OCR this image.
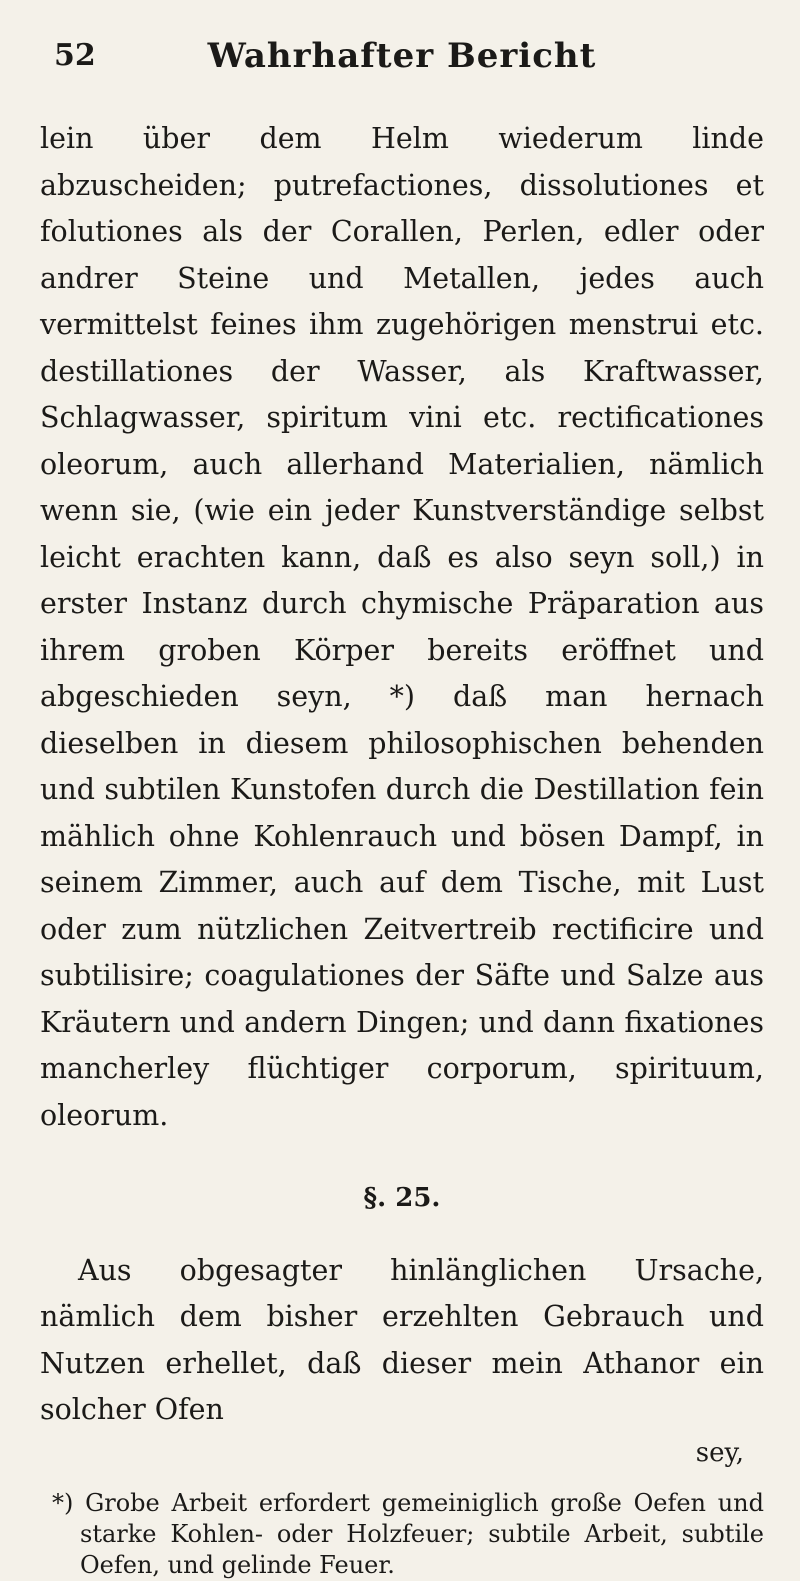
52	Wahrhafter Bericht

lein über dem Helm wiederum linde abzuscheiden; putrefactiones, dissolutiones et folutiones als der Corallen, Perlen, edler oder andrer Steine und Metallen, jedes auch vermittelst feines ihm zugehörigen menstrui etc. destillationes der Wasser, als Kraftwasser, Schlagwasser, spiritum vini etc. rectificationes oleorum, auch allerhand Materialien, nämlich wenn sie, (wie ein jeder Kunstverständige selbst leicht erachten kann, daß es also seyn soll,) in erster Instanz durch chymische Präparation aus ihrem groben Körper bereits eröffnet und abgeschieden seyn, *) daß man hernach dieselben in diesem philosophischen behenden und subtilen Kunstofen durch die Destillation fein mählich ohne Kohlenrauch und bösen Dampf, in seinem Zimmer, auch auf dem Tische, mit Lust oder zum nützlichen Zeitvertreib rectificire und subtilisire; coagulationes der Säfte und Salze aus Kräutern und andern Dingen; und dann fixationes mancherley flüchtiger corporum, spirituum, oleorum.

§. 25.

Aus obgesagter hinlänglichen Ursache, nämlich dem bisher erzehlten Gebrauch und Nutzen erhellet, daß dieser mein Athanor ein solcher Ofen

sey,
*) Grobe Arbeit erfordert gemeiniglich große Oefen und starke Kohlen- oder Holzfeuer; subtile Arbeit, subtile Oefen, und gelinde Feuer.
